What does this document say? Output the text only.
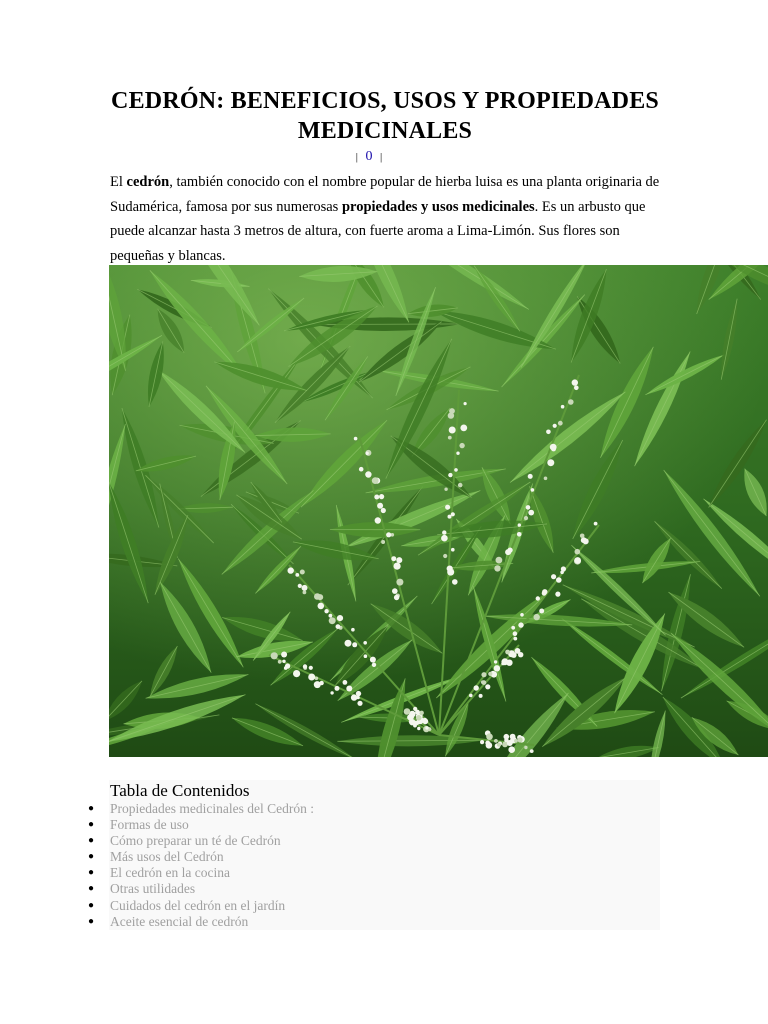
CEDRÓN: BENEFICIOS, USOS Y PROPIEDADES MEDICINALES
| 0 |

El cedrón, también conocido con el nombre popular de hierba luisa es una planta originaria de Sudamérica, famosa por sus numerosas propiedades y usos medicinales. Es un arbusto que puede alcanzar hasta 3 metros de altura, con fuerte aroma a Lima-Limón. Sus flores son pequeñas y blancas.

Tabla de Contenidos
● Propiedades medicinales del Cedrón :
● Formas de uso
● Cómo preparar un té de Cedrón
● Más usos del Cedrón
● El cedrón en la cocina
● Otras utilidades
● Cuidados del cedrón en el jardín
● Aceite esencial de cedrón
